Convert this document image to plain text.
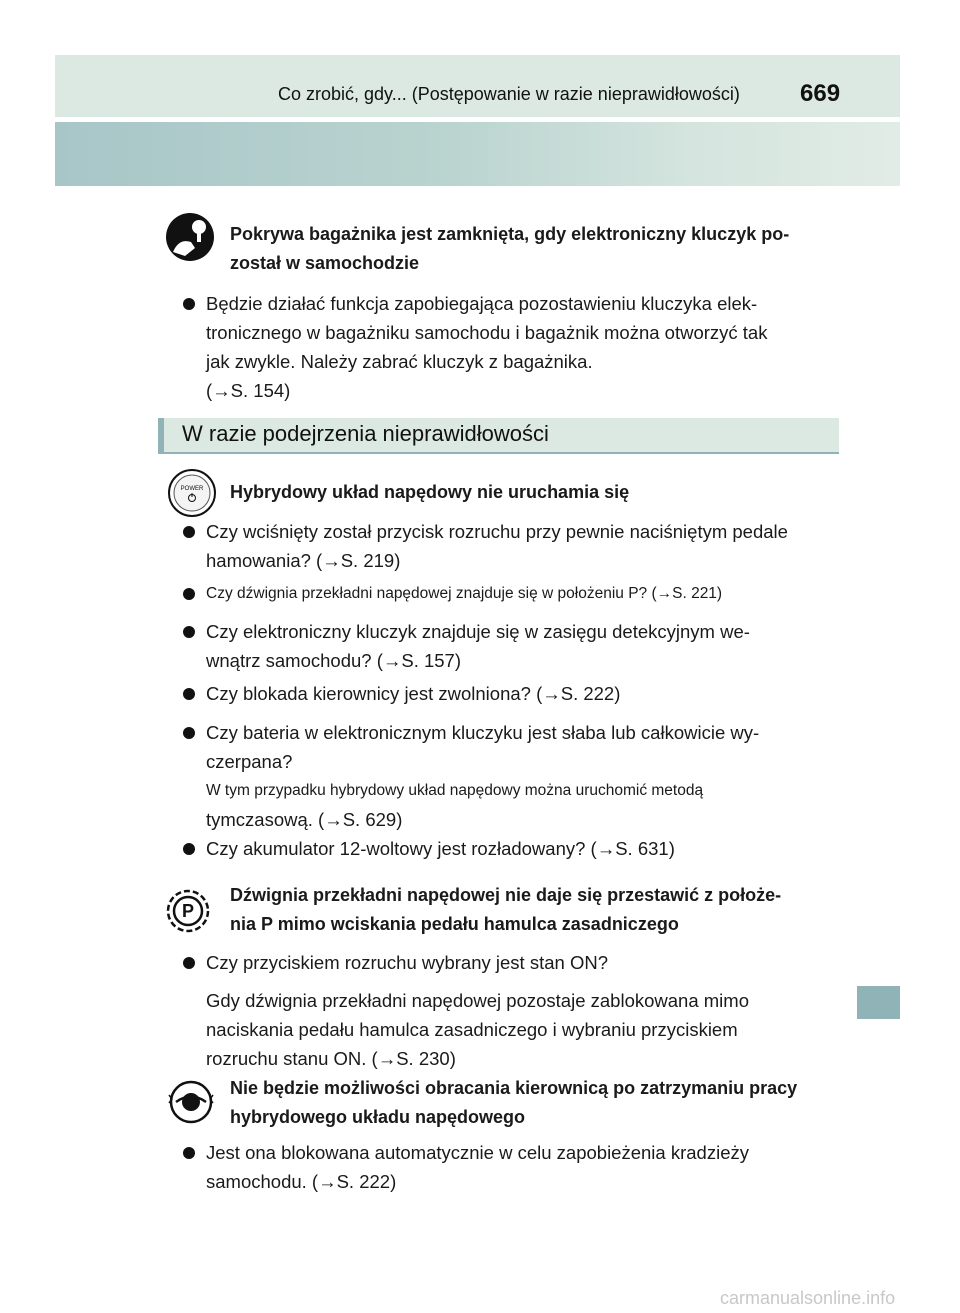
Co zrobić, gdy... (Postępowanie w razie nieprawidłowości)	669
Pokrywa bagażnika jest zamknięta, gdy elektroniczny kluczyk po-
został w samochodzie
Będzie działać funkcja zapobiegająca pozostawieniu kluczyka elek-
tronicznego w bagażniku samochodu i bagażnik można otworzyć tak
jak zwykle. Należy zabrać kluczyk z bagażnika.
(→S. 154)
W razie podejrzenia nieprawidłowości
POWER Hybrydowy układ napędowy nie uruchamia się
Czy wciśnięty został przycisk rozruchu przy pewnie naciśniętym pedale
hamowania? (→S. 219)
Czy dźwignia przekładni napędowej znajduje się w położeniu P? (→S. 221)
Czy elektroniczny kluczyk znajduje się w zasięgu detekcyjnym we-
wnątrz samochodu? (→S. 157)
Czy blokada kierownicy jest zwolniona? (→S. 222)
Czy bateria w elektronicznym kluczyku jest słaba lub całkowicie wy-
czerpana?
W tym przypadku hybrydowy układ napędowy można uruchomić metodą
tymczasową. (→S. 629)
Czy akumulator 12-woltowy jest rozładowany? (→S. 631)
P
Dźwignia przekładni napędowej nie daje się przestawić z położe-
nia P mimo wciskania pedału hamulca zasadniczego
Czy przyciskiem rozruchu wybrany jest stan ON?
Gdy dźwignia przekładni napędowej pozostaje zablokowana mimo
naciskania pedału hamulca zasadniczego i wybraniu przyciskiem
rozruchu stanu ON. (→S. 230)
Nie będzie możliwości obracania kierownicą po zatrzymaniu pracy
hybrydowego układu napędowego
Jest ona blokowana automatycznie w celu zapobieżenia kradzieży
samochodu. (→S. 222)
carmanualsonline.info
